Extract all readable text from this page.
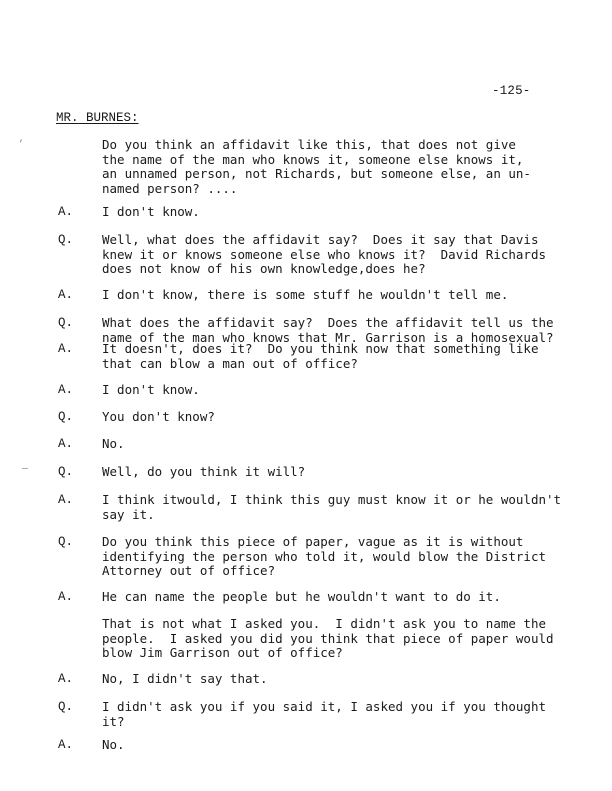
-125-
MR. BURNES:
’
—
Do you think an affidavit like this, that does not give
the name of the man who knows it, someone else knows it,
an unnamed person, not Richards, but someone else, an un-
named person? ....
A. I don't know.
Q. Well, what does the affidavit say?  Does it say that Davis
knew it or knows someone else who knows it?  David Richards
does not know of his own knowledge,does he?
A. I don't know, there is some stuff he wouldn't tell me.
Q. What does the affidavit say?  Does the affidavit tell us the
name of the man who knows that Mr. Garrison is a homosexual?
A. It doesn't, does it?  Do you think now that something like
that can blow a man out of office?
A. I don't know.
Q. You don't know?
A. No.
Q. Well, do you think it will?
A. I think itwould, I think this guy must know it or he wouldn't
say it.
Q. Do you think this piece of paper, vague as it is without
identifying the person who told it, would blow the District
Attorney out of office?
A. He can name the people but he wouldn't want to do it.
That is not what I asked you.  I didn't ask you to name the
people.  I asked you did you think that piece of paper would
blow Jim Garrison out of office?
A. No, I didn't say that.
Q. I didn't ask you if you said it, I asked you if you thought
it?
A. No.
